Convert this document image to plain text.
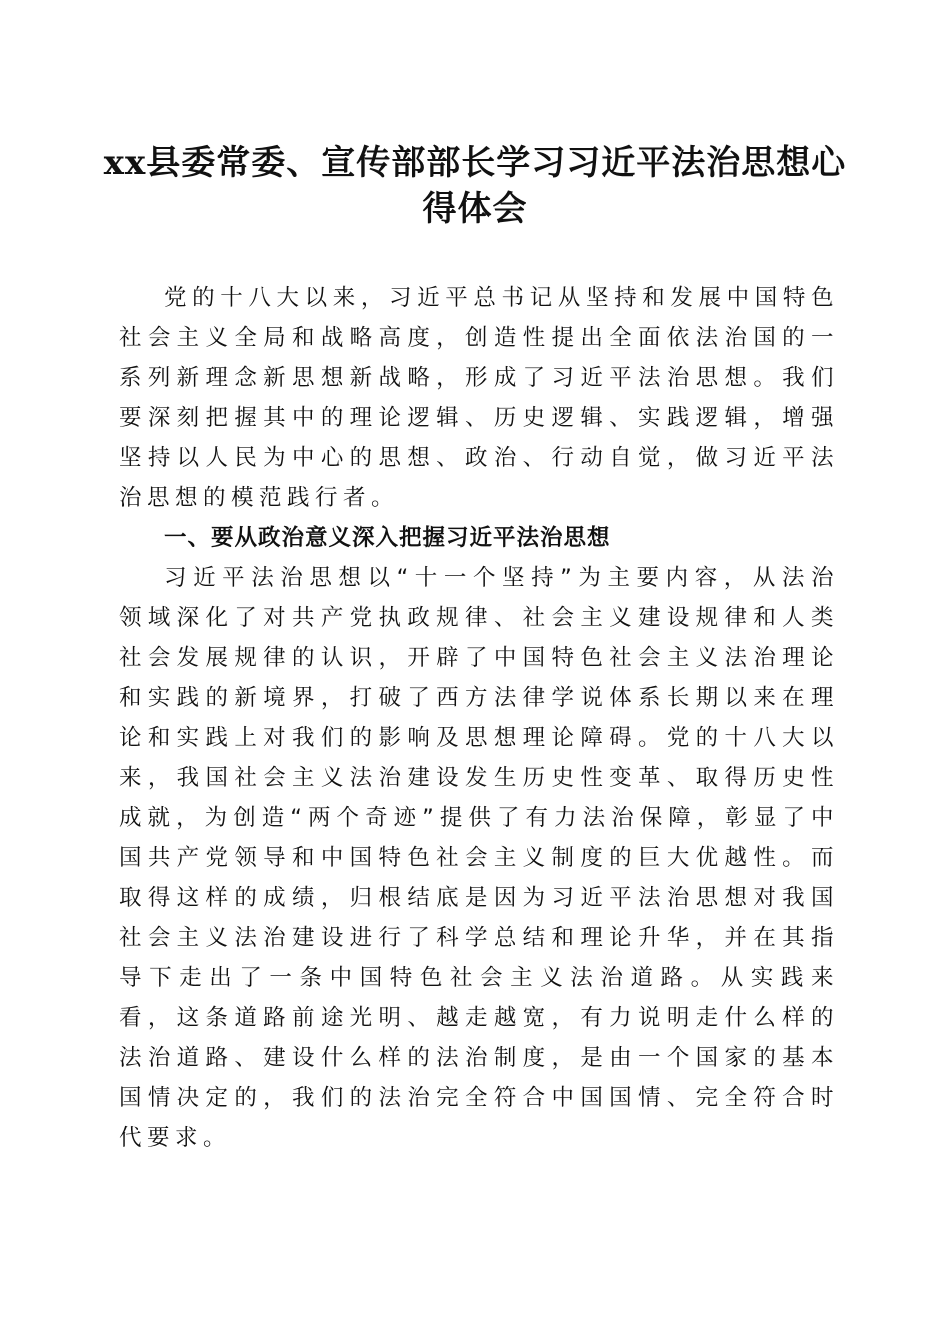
xx县委常委、宣传部部长学习习近平法治思想心得体会

党的十八大以来，习近平总书记从坚持和发展中国特色社会主义全局和战略高度，创造性提出全面依法治国的一系列新理念新思想新战略，形成了习近平法治思想。我们要深刻把握其中的理论逻辑、历史逻辑、实践逻辑，增强坚持以人民为中心的思想、政治、行动自觉，做习近平法治思想的模范践行者。

一、要从政治意义深入把握习近平法治思想

习近平法治思想以“十一个坚持”为主要内容，从法治领域深化了对共产党执政规律、社会主义建设规律和人类社会发展规律的认识，开辟了中国特色社会主义法治理论和实践的新境界，打破了西方法律学说体系长期以来在理论和实践上对我们的影响及思想理论障碍。党的十八大以来，我国社会主义法治建设发生历史性变革、取得历史性成就，为创造“两个奇迹”提供了有力法治保障，彰显了中国共产党领导和中国特色社会主义制度的巨大优越性。而取得这样的成绩，归根结底是因为习近平法治思想对我国社会主义法治建设进行了科学总结和理论升华，并在其指导下走出了一条中国特色社会主义法治道路。从实践来看，这条道路前途光明、越走越宽，有力说明走什么样的法治道路、建设什么样的法治制度，是由一个国家的基本国情决定的，我们的法治完全符合中国国情、完全符合时代要求。
